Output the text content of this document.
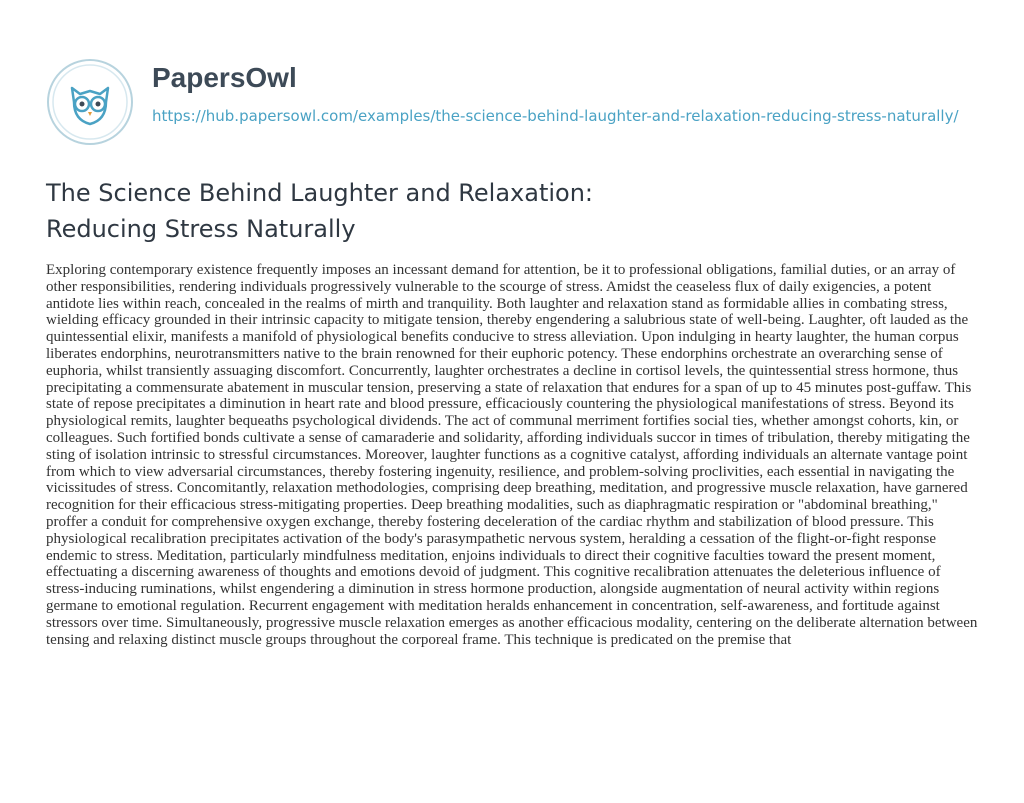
PapersOwl
https://hub.papersowl.com/examples/the-science-behind-laughter-and-relaxation-reducing-stress-naturally/
The Science Behind Laughter and Relaxation:
Reducing Stress Naturally

Exploring contemporary existence frequently imposes an incessant demand for attention, be it to professional obligations, familial duties, or an array of other responsibilities, rendering individuals progressively vulnerable to the scourge of stress. Amidst the ceaseless flux of daily exigencies, a potent antidote lies within reach, concealed in the realms of mirth and tranquility. Both laughter and relaxation stand as formidable allies in combating stress, wielding efficacy grounded in their intrinsic capacity to mitigate tension, thereby engendering a salubrious state of well-being. Laughter, oft lauded as the quintessential elixir, manifests a manifold of physiological benefits conducive to stress alleviation. Upon indulging in hearty laughter, the human corpus liberates endorphins, neurotransmitters native to the brain renowned for their euphoric potency. These endorphins orchestrate an overarching sense of euphoria, whilst transiently assuaging discomfort. Concurrently, laughter orchestrates a decline in cortisol levels, the quintessential stress hormone, thus precipitating a commensurate abatement in muscular tension, preserving a state of relaxation that endures for a span of up to 45 minutes post-guffaw. This state of repose precipitates a diminution in heart rate and blood pressure, efficaciously countering the physiological manifestations of stress. Beyond its physiological remits, laughter bequeaths psychological dividends. The act of communal merriment fortifies social ties, whether amongst cohorts, kin, or colleagues. Such fortified bonds cultivate a sense of camaraderie and solidarity, affording individuals succor in times of tribulation, thereby mitigating the sting of isolation intrinsic to stressful circumstances. Moreover, laughter functions as a cognitive catalyst, affording individuals an alternate vantage point from which to view adversarial circumstances, thereby fostering ingenuity, resilience, and problem-solving proclivities, each essential in navigating the vicissitudes of stress. Concomitantly, relaxation methodologies, comprising deep breathing, meditation, and progressive muscle relaxation, have garnered recognition for their efficacious stress-mitigating properties. Deep breathing modalities, such as diaphragmatic respiration or "abdominal breathing," proffer a conduit for comprehensive oxygen exchange, thereby fostering deceleration of the cardiac rhythm and stabilization of blood pressure. This physiological recalibration precipitates activation of the body's parasympathetic nervous system, heralding a cessation of the flight-or-fight response endemic to stress. Meditation, particularly mindfulness meditation, enjoins individuals to direct their cognitive faculties toward the present moment, effectuating a discerning awareness of thoughts and emotions devoid of judgment. This cognitive recalibration attenuates the deleterious influence of stress-inducing ruminations, whilst engendering a diminution in stress hormone production, alongside augmentation of neural activity within regions germane to emotional regulation. Recurrent engagement with meditation heralds enhancement in concentration, self-awareness, and fortitude against stressors over time. Simultaneously, progressive muscle relaxation emerges as another efficacious modality, centering on the deliberate alternation between tensing and relaxing distinct muscle groups throughout the corporeal frame. This technique is predicated on the premise that
